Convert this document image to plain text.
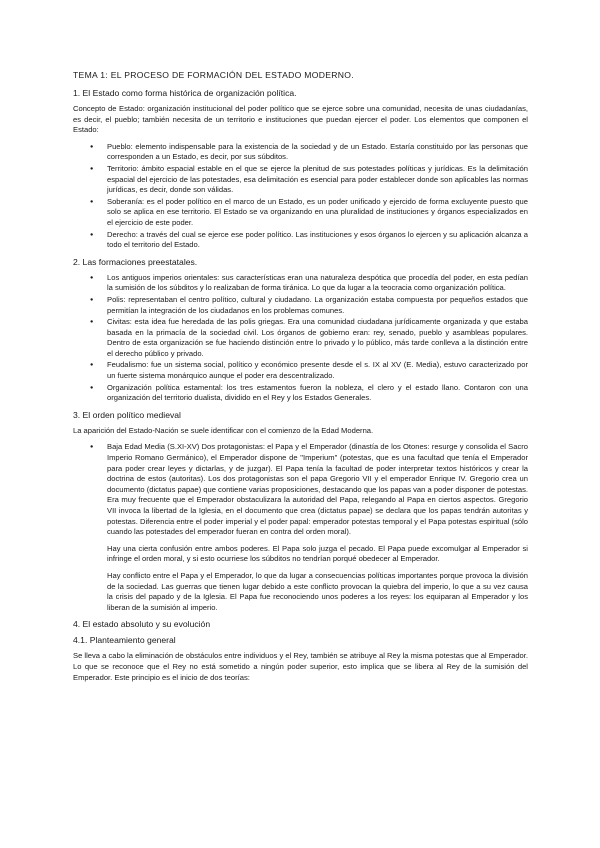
TEMA 1: EL PROCESO DE FORMACIÓN DEL ESTADO MODERNO.
1. El Estado como forma histórica de organización política.
Concepto de Estado: organización institucional del poder político que se ejerce sobre una comunidad, necesita de unas ciudadanías, es decir, el pueblo; también necesita de un territorio e instituciones que puedan ejercer el poder. Los elementos que componen el Estado:
● Pueblo: elemento indispensable para la existencia de la sociedad y de un Estado. Estaría constituido por las personas que corresponden a un Estado, es decir, por sus súbditos.
● Territorio: ámbito espacial estable en el que se ejerce la plenitud de sus potestades políticas y jurídicas. Es la delimitación espacial del ejercicio de las potestades, esa delimitación es esencial para poder establecer donde son aplicables las normas jurídicas, es decir, donde son válidas.
● Soberanía: es el poder político en el marco de un Estado, es un poder unificado y ejercido de forma excluyente puesto que solo se aplica en ese territorio. El Estado se va organizando en una pluralidad de instituciones y órganos especializados en el ejercicio de este poder.
● Derecho: a través del cual se ejerce ese poder político. Las instituciones y esos órganos lo ejercen y su aplicación alcanza a todo el territorio del Estado.
2. Las formaciones preestatales.
● Los antiguos imperios orientales: sus características eran una naturaleza despótica que procedía del poder, en esta pedían la sumisión de los súbditos y lo realizaban de forma tiránica. Lo que da lugar a la teocracia como organización política.
● Polis: representaban el centro político, cultural y ciudadano. La organización estaba compuesta por pequeños estados que permitían la integración de los ciudadanos en los problemas comunes.
● Civitas: esta idea fue heredada de las polis griegas. Era una comunidad ciudadana jurídicamente organizada y que estaba basada en la primacía de la sociedad civil. Los órganos de gobierno eran: rey, senado, pueblo y asambleas populares. Dentro de esta organización se fue haciendo distinción entre lo privado y lo público, más tarde conlleva a la distinción entre el derecho público y privado.
● Feudalismo: fue un sistema social, político y económico presente desde el s. IX al XV (E. Media), estuvo caracterizado por un fuerte sistema monárquico aunque el poder era descentralizado.
● Organización política estamental: los tres estamentos fueron la nobleza, el clero y el estado llano. Contaron con una organización del territorio dualista, dividido en el Rey y los Estados Generales.
3. El orden político medieval
La aparición del Estado-Nación se suele identificar con el comienzo de la Edad Moderna.
● Baja Edad Media (S.XI-XV) Dos protagonistas: el Papa y el Emperador (dinastía de los Otones: resurge y consolida el Sacro Imperio Romano Germánico), el Emperador dispone de "Imperium" (potestas, que es una facultad que tenía el Emperador para poder crear leyes y dictarlas, y de juzgar). El Papa tenía la facultad de poder interpretar textos históricos y crear la doctrina de estos (autoritas). Los dos protagonistas son el papa Gregorio VII y el emperador Enrique IV. Gregorio crea un documento (dictatus papae) que contiene varias proposiciones, destacando que los papas van a poder disponer de potestas. Era muy frecuente que el Emperador obstaculizara la autoridad del Papa, relegando al Papa en ciertos aspectos. Gregorio VII invoca la libertad de la Iglesia, en el documento que crea (dictatus papae) se declara que los papas tendrán autoritas y potestas. Diferencia entre el poder imperial y el poder papal: emperador potestas temporal y el Papa potestas espiritual (sólo cuando las potestades del emperador fueran en contra del orden moral).
Hay una cierta confusión entre ambos poderes. El Papa solo juzga el pecado. El Papa puede excomulgar al Emperador si infringe el orden moral, y si esto ocurriese los súbditos no tendrían porqué obedecer al Emperador.
Hay conflicto entre el Papa y el Emperador, lo que da lugar a consecuencias políticas importantes porque provoca la división de la sociedad. Las guerras que tienen lugar debido a este conflicto provocan la quiebra del imperio, lo que a su vez causa la crisis del papado y de la Iglesia. El Papa fue reconociendo unos poderes a los reyes: los equiparan al Emperador y los liberan de la sumisión al imperio.
4. El estado absoluto y su evolución
4.1. Planteamiento general
Se lleva a cabo la eliminación de obstáculos entre individuos y el Rey, también se atribuye al Rey la misma potestas que al Emperador. Lo que se reconoce que el Rey no está sometido a ningún poder superior, esto implica que se libera al Rey de la sumisión del Emperador. Este principio es el inicio de dos teorías:
